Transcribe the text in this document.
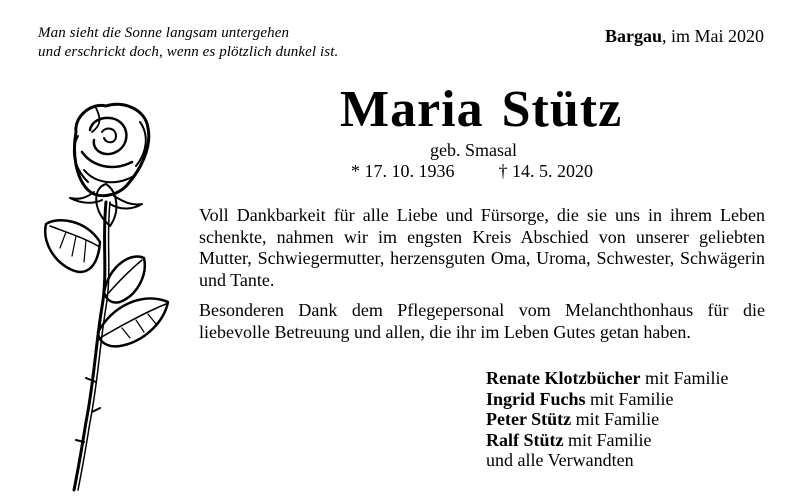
Man sieht die Sonne langsam untergehen
und erschrickt doch, wenn es plötzlich dunkel ist.
Bargau, im Mai 2020
Maria Stütz
geb. Smasal
* 17. 10. 1936 † 14. 5. 2020
Voll Dankbarkeit für alle Liebe und Fürsorge, die sie uns in ihrem Leben schenkte, nahmen wir im engsten Kreis Abschied von unserer geliebten Mutter, Schwiegermutter, herzensguten Oma, Uroma, Schwester, Schwägerin und Tante.
Besonderen Dank dem Pflegepersonal vom Melanchthonhaus für die liebevolle Betreuung und allen, die ihr im Leben Gutes getan haben.
Renate Klotzbücher mit Familie
Ingrid Fuchs mit Familie
Peter Stütz mit Familie
Ralf Stütz mit Familie
und alle Verwandten
